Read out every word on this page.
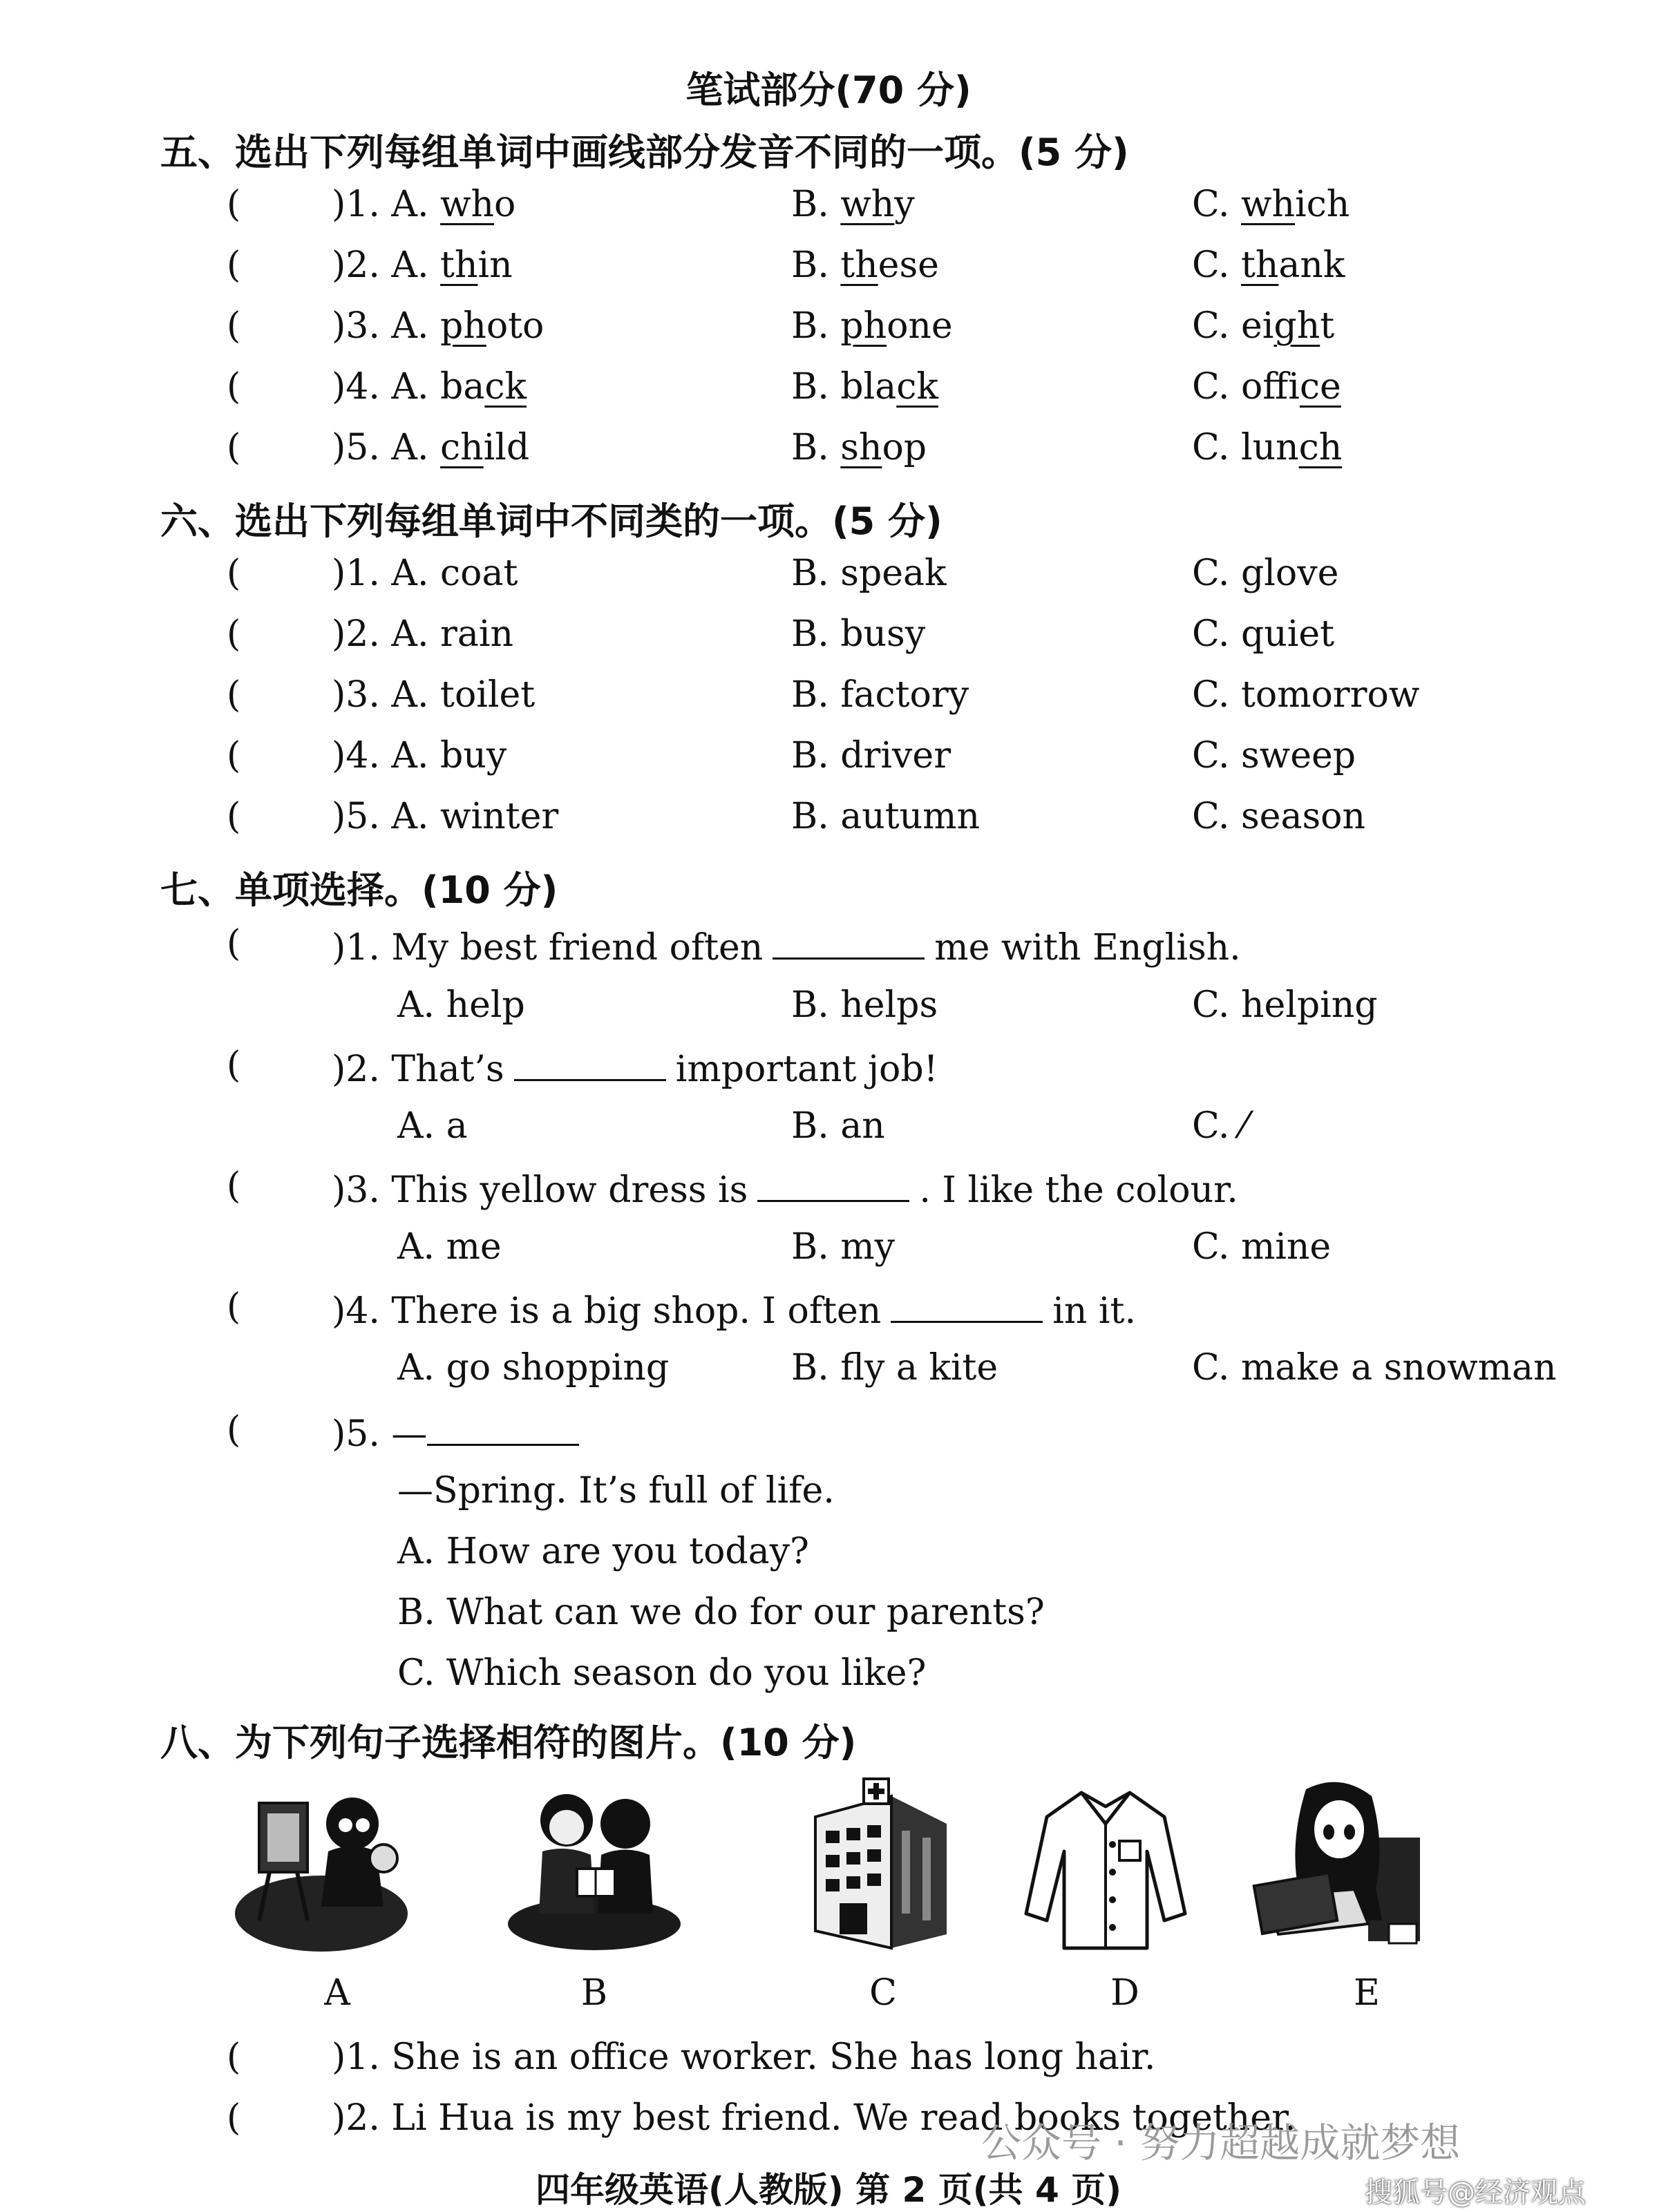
笔试部分(70 分)
五、选出下列每组单词中画线部分发音不同的一项。(5 分)
(	)1. A. who	B. why	C. which
(	)2. A. thin	B. these	C. thank
(	)3. A. photo	B. phone	C. eight
(	)4. A. back	B. black	C. office
(	)5. A. child	B. shop	C. lunch
六、选出下列每组单词中不同类的一项。(5 分)
(	)1. A. coat	B. speak	C. glove
(	)2. A. rain	B. busy	C. quiet
(	)3. A. toilet	B. factory	C. tomorrow
(	)4. A. buy	B. driver	C. sweep
(	)5. A. winter	B. autumn	C. season
七、单项选择。(10 分)
(	)1. My best friend often	me with English.
A. help	B. helps	C. helping
(	)2. That’s	important job!
A. a	B. an	C. ⁄
(	)3. This yellow dress is	. I like the colour.
A. me	B. my	C. mine
(	)4. There is a big shop. I often	in it.
A. go shopping	B. fly a kite	C. make a snowman
(	)5. —
—Spring. It’s full of life.
A. How are you today?
B. What can we do for our parents?
C. Which season do you like?
八、为下列句子选择相符的图片。(10 分)
A	B	C	D	E
(	)1. She is an office worker. She has long hair.
(	)2. Li Hua is my best friend. We read books together.
公众号 · 努力超越成就梦想
四年级英语(人教版) 第 2 页(共 4 页)	搜狐号@经济观点
